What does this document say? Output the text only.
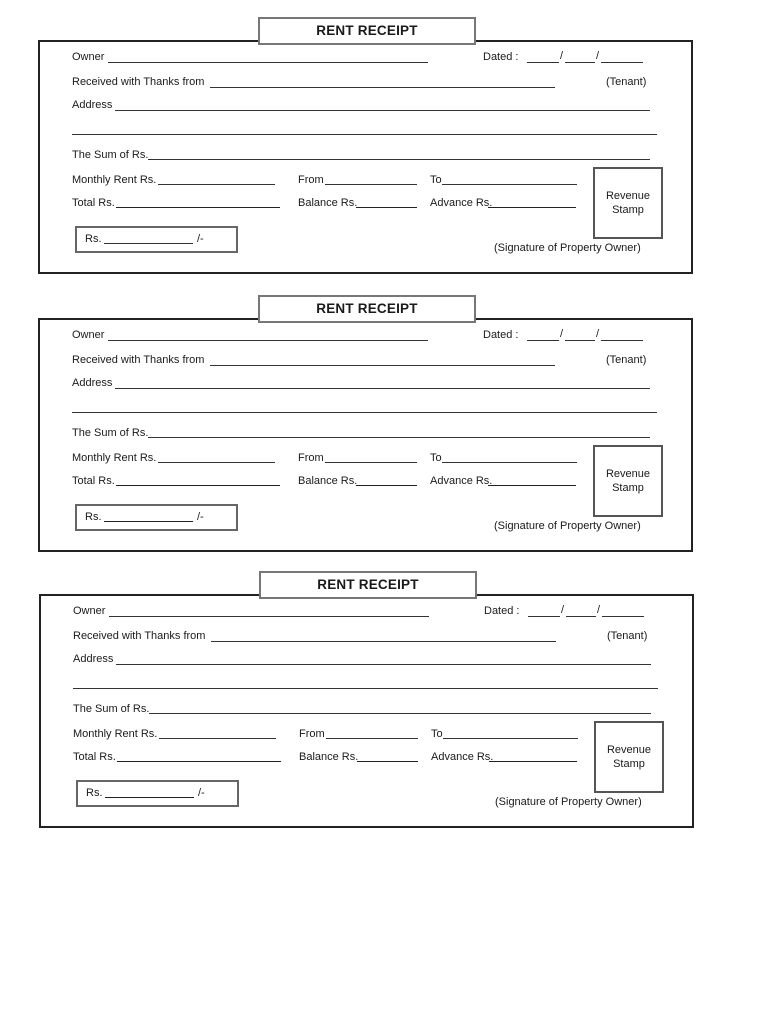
RENT RECEIPT
Owner	Dated :	/	/
Received with Thanks from	(Tenant)
Address
The Sum of Rs.
Monthly Rent Rs.	From	To
Total Rs.	Balance Rs.	Advance Rs.
Revenue
Stamp
Rs.	/-
(Signature of Property Owner)
RENT RECEIPT
Owner	Dated :	/	/
Received with Thanks from	(Tenant)
Address
The Sum of Rs.
Monthly Rent Rs.	From	To
Total Rs.	Balance Rs.	Advance Rs.
Revenue
Stamp
Rs.	/-
(Signature of Property Owner)
RENT RECEIPT
Owner	Dated :	/	/
Received with Thanks from	(Tenant)
Address
The Sum of Rs.
Monthly Rent Rs.	From	To
Total Rs.	Balance Rs.	Advance Rs.
Revenue
Stamp
Rs.	/-
(Signature of Property Owner)
